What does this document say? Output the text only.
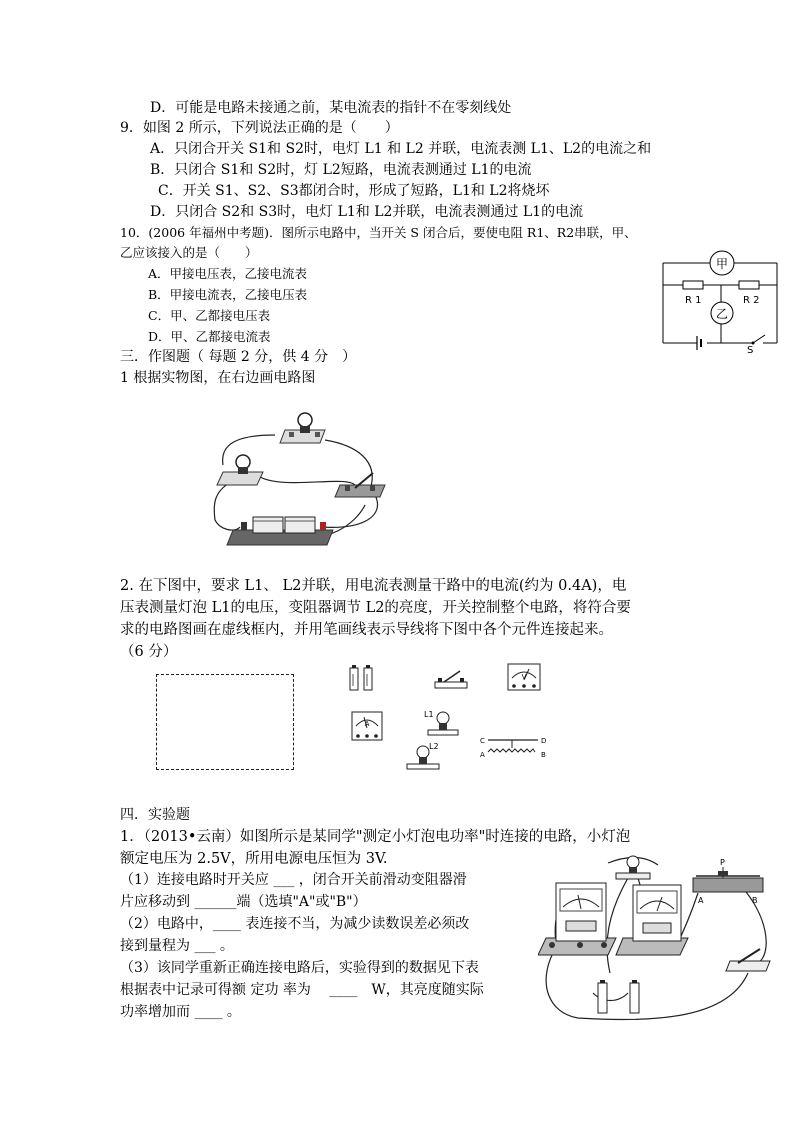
D．可能是电路未接通之前，某电流表的指针不在零刻线处
9．如图 2 所示，下列说法正确的是（　　）
A．只闭合开关 S1和 S2时，电灯 L1 和 L2 并联，电流表测 L1、L2的电流之和
B．只闭合 S1和 S2时，灯 L2短路，电流表测通过 L1的电流
C．开关 S1、S2、S3都闭合时，形成了短路，L1和 L2将烧坏
D．只闭合 S2和 S3时，电灯 L1和 L2并联，电流表测通过 L1的电流
10．(2006 年福州中考题)．图所示电路中，当开关 S 闭合后，要使电阻 R1、R2串联，甲、
乙应该接入的是（　　）
A．甲接电压表，乙接电流表
B．甲接电流表，乙接电压表
C．甲、乙都接电压表
D．甲、乙都接电流表
甲
乙
R 1	R 2
S
三．作图题（ 每题 2 分，供 4 分　）
1 根据实物图，在右边画电路图
2. 在下图中，要求 L1、 L2并联，用电流表测量干路中的电流(约为 0.4A)，电
压表测量灯泡 L1的电压，变阻器调节 L2的亮度，开关控制整个电路，将符合要
求的电路图画在虚线框内，并用笔画线表示导线将下图中各个元件连接起来。
（6 分）
V
A
L1
L2
C	D
A	B
四．实验题
1．（2013•云南）如图所示是某同学"测定小灯泡电功率"时连接的电路，小灯泡
额定电压为 2.5V，所用电源电压恒为 3V.
（1）连接电路时开关应 ___ ，闭合开关前滑动变阻器滑
片应移动到 ______端（选填"A"或"B"）
（2）电路中，____ 表连接不当，为减少读数误差必须改
接到量程为 ___ 。
（3）该同学重新正确连接电路后，实验得到的数据见下表
根据表中记录可得额 定功 率为　 ____　W，其亮度随实际
功率增加而 ____ 。
P
A	B
